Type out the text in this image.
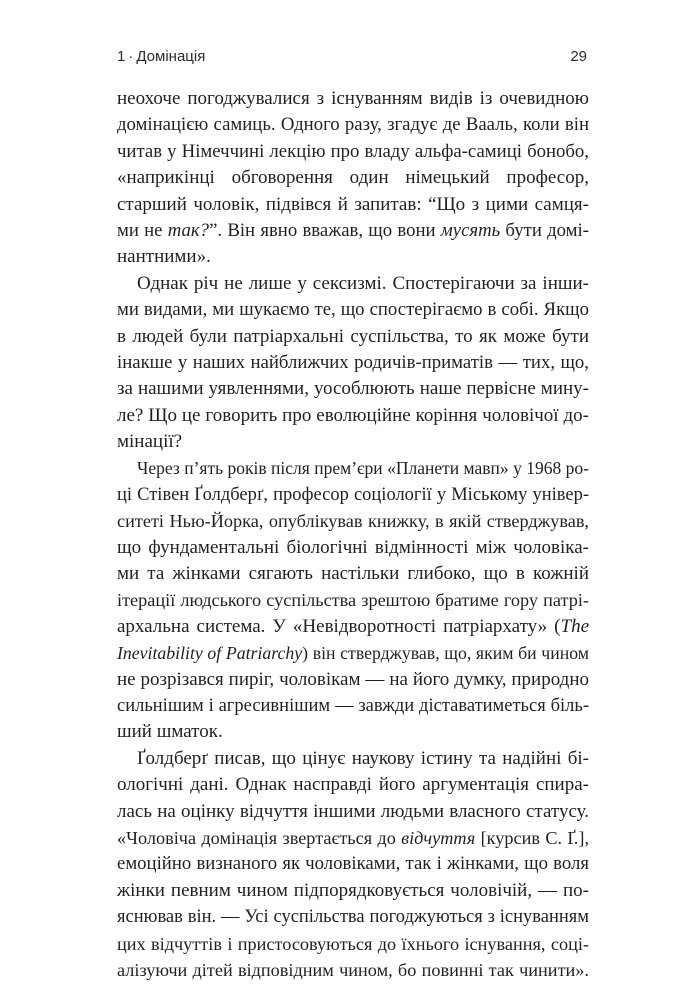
1 · Домінація	29
неохоче погоджувалися з існуванням видів із очевидною
домінацією самиць. Одного разу, згадує де Вааль, коли він
читав у Німеччині лекцію про владу альфа-самиці бонобо,
«наприкінці обговорення один німецький професор,
старший чоловік, підвівся й запитав: “Що з цими самця-
ми не так?”. Він явно вважав, що вони мусять бути домі-
нантними».
Однак річ не лише у сексизмі. Спостерігаючи за інши-
ми видами, ми шукаємо те, що спостерігаємо в собі. Якщо
в людей були патріархальні суспільства, то як може бути
інакше у наших найближчих родичів-приматів — тих, що,
за нашими уявленнями, уособлюють наше первісне мину-
ле? Що це говорить про еволюційне коріння чоловічої до-
мінації?
Через п’ять років після прем’єри «Планети мавп» у 1968 ро-
ці Стівен Ґолдберґ, професор соціології у Міському універ-
ситеті Нью-Йорка, опублікував книжку, в якій стверджував,
що фундаментальні біологічні відмінності між чоловіка-
ми та жінками сягають настільки глибоко, що в кожній
ітерації людського суспільства зрештою братиме гору патрі-
архальна система. У «Невідворотності патріархату» (The
Inevitability of Patriarchy) він стверджував, що, яким би чином
не розрізався пиріг, чоловікам — на його думку, природно
сильнішим і агресивнішим — завжди діставатиметься біль-
ший шматок.
Ґолдберґ писав, що цінує наукову істину та надійні бі-
ологічні дані. Однак насправді його аргументація спира-
лась на оцінку відчуття іншими людьми власного статусу.
«Чоловіча домінація звертається до відчуття [курсив С. Ґ.],
емоційно визнаного як чоловіками, так і жінками, що воля
жінки певним чином підпорядковується чоловічій, — по-
яснював він. — Усі суспільства погоджуються з існуванням
цих відчуттів і пристосовуються до їхнього існування, соці-
алізуючи дітей відповідним чином, бо повинні так чинити».
